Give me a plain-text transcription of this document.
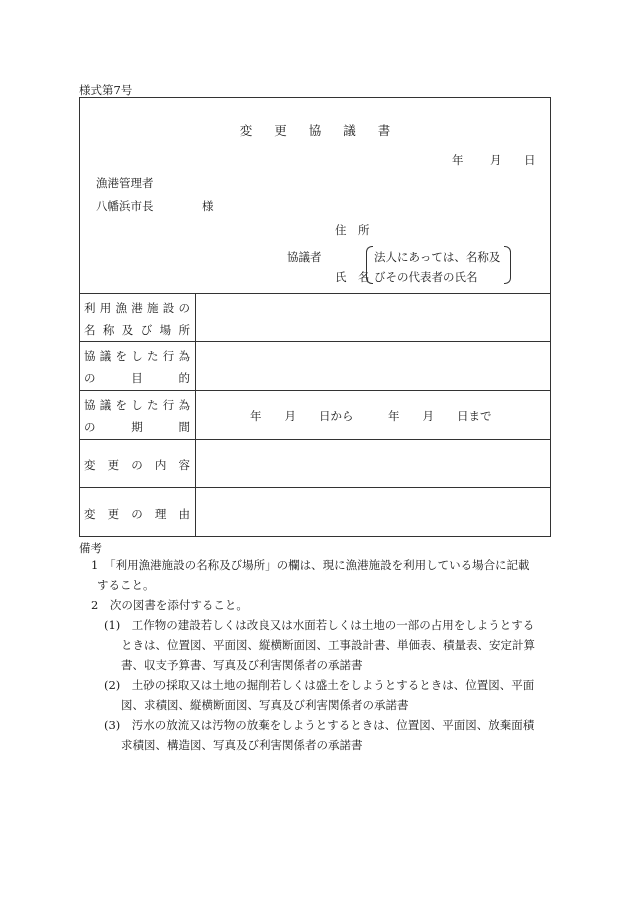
様式第7号
変更協議書
年 月 日
漁港管理者
八幡浜市長	様
住　所
協議者
氏　名
法人にあっては、名称及
びその代表者の氏名
利用漁港施設の
名称及び場所
協議をした行為
の目的
協議をした行為
の期間
年　　月　　日から　　　年　　月　　日まで
変更の内容
変更の理由
備考
1　「利用漁港施設の名称及び場所」の欄は、現に漁港施設を利用している場合に記載
すること。
2　次の図書を添付すること。
(1)　工作物の建設若しくは改良又は水面若しくは土地の一部の占用をしようとする
ときは、位置図、平面図、縦横断面図、工事設計書、単価表、積量表、安定計算
書、収支予算書、写真及び利害関係者の承諾書
(2)　土砂の採取又は土地の掘削若しくは盛土をしようとするときは、位置図、平面
図、求積図、縦横断面図、写真及び利害関係者の承諾書
(3)　汚水の放流又は汚物の放棄をしようとするときは、位置図、平面図、放棄面積
求積図、構造図、写真及び利害関係者の承諾書
